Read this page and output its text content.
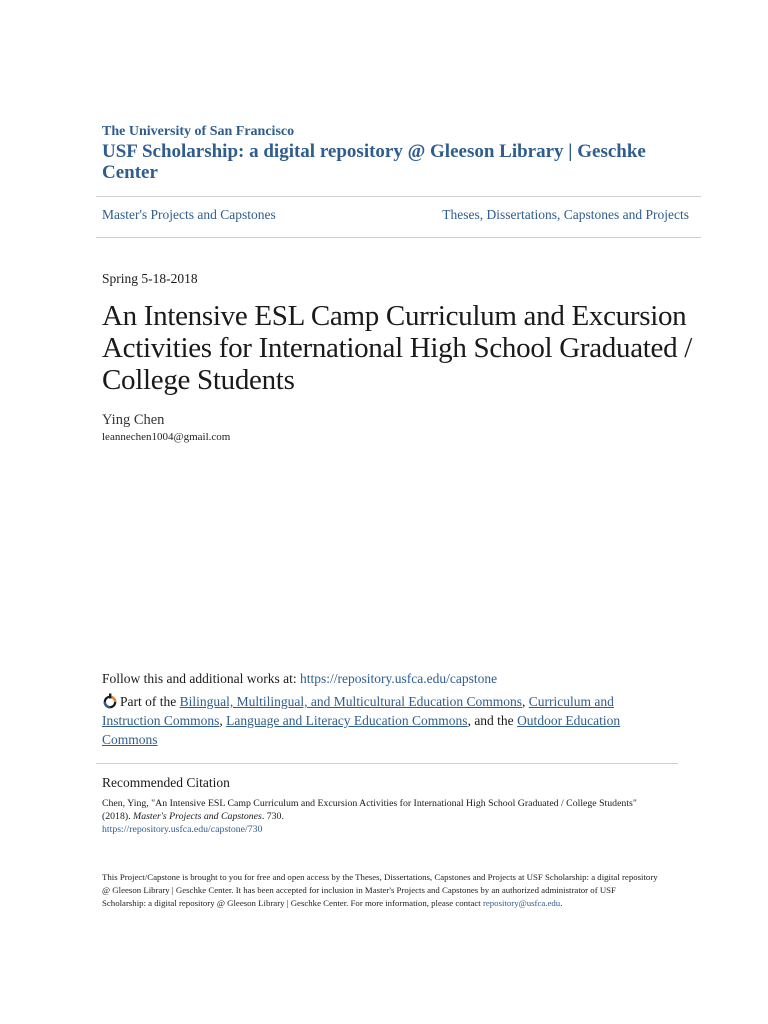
The University of San Francisco
USF Scholarship: a digital repository @ Gleeson Library | Geschke Center
Master's Projects and Capstones	Theses, Dissertations, Capstones and Projects
Spring 5-18-2018
An Intensive ESL Camp Curriculum and Excursion Activities for International High School Graduated / College Students
Ying Chen
leannechen1004@gmail.com
Follow this and additional works at: https://repository.usfca.edu/capstone
Part of the Bilingual, Multilingual, and Multicultural Education Commons, Curriculum and Instruction Commons, Language and Literacy Education Commons, and the Outdoor Education Commons
Recommended Citation
Chen, Ying, "An Intensive ESL Camp Curriculum and Excursion Activities for International High School Graduated / College Students" (2018). Master's Projects and Capstones. 730.
https://repository.usfca.edu/capstone/730
This Project/Capstone is brought to you for free and open access by the Theses, Dissertations, Capstones and Projects at USF Scholarship: a digital repository @ Gleeson Library | Geschke Center. It has been accepted for inclusion in Master's Projects and Capstones by an authorized administrator of USF Scholarship: a digital repository @ Gleeson Library | Geschke Center. For more information, please contact repository@usfca.edu.
